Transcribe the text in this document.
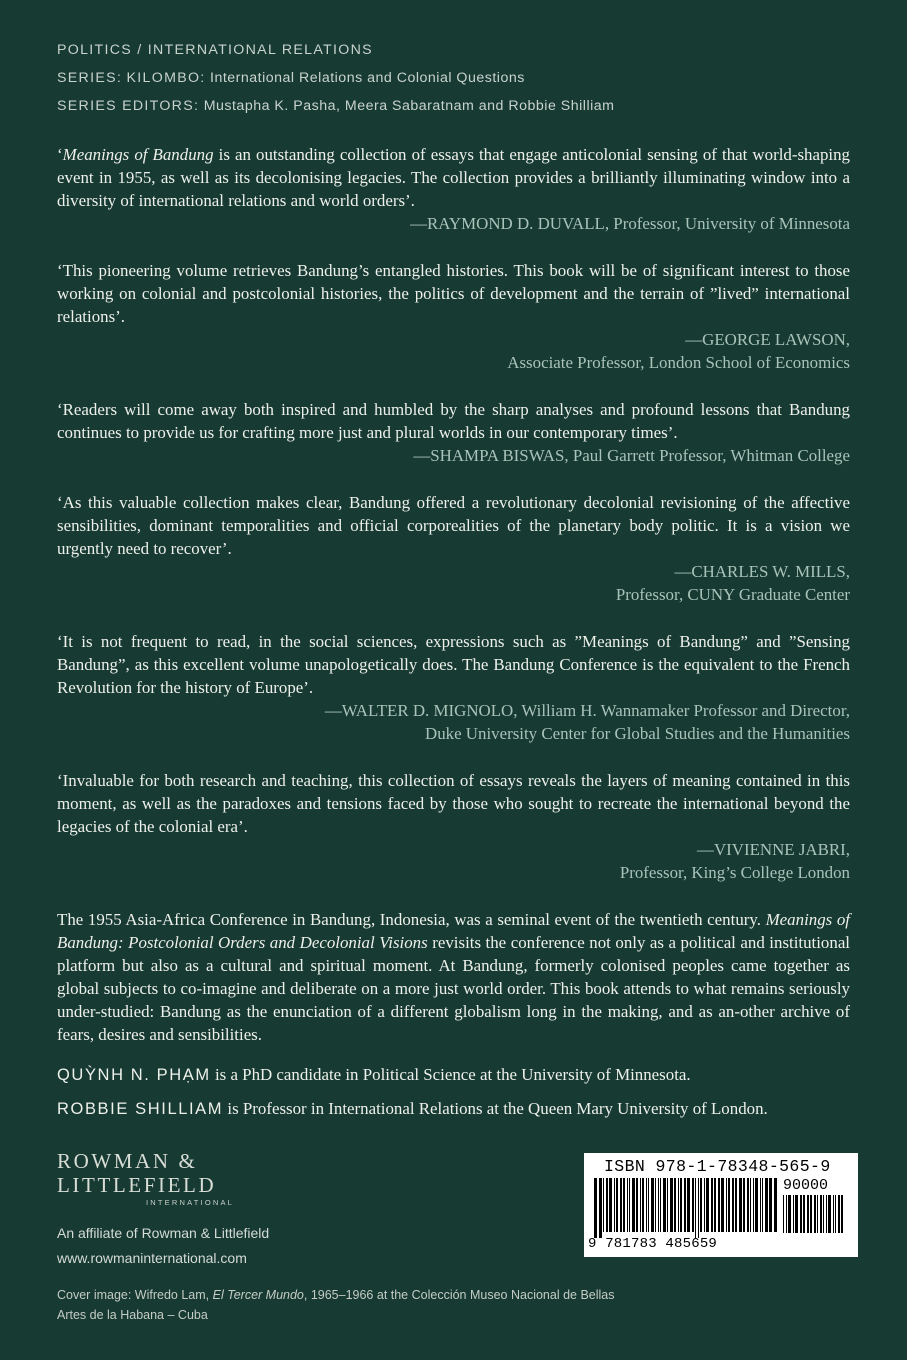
POLITICS / INTERNATIONAL RELATIONS
SERIES: KILOMBO: International Relations and Colonial Questions
SERIES EDITORS: Mustapha K. Pasha, Meera Sabaratnam and Robbie Shilliam

‘Meanings of Bandung is an outstanding collection of essays that engage anticolonial sensing of that world-shaping event in 1955, as well as its decolonising legacies. The collection provides a brilliantly illuminating window into a diversity of international relations and world orders’.

—RAYMOND D. DUVALL, Professor, University of Minnesota

‘This pioneering volume retrieves Bandung’s entangled histories. This book will be of significant interest to those working on colonial and postcolonial histories, the politics of development and the terrain of ”lived” international relations’.

—GEORGE LAWSON,
Associate Professor, London School of Economics

‘Readers will come away both inspired and humbled by the sharp analyses and profound lessons that Bandung continues to provide us for crafting more just and plural worlds in our contemporary times’.

—SHAMPA BISWAS, Paul Garrett Professor, Whitman College

‘As this valuable collection makes clear, Bandung offered a revolutionary decolonial revisioning of the affective sensibilities, dominant temporalities and official corporealities of the planetary body politic. It is a vision we urgently need to recover’.

—CHARLES W. MILLS,
Professor, CUNY Graduate Center

‘It is not frequent to read, in the social sciences, expressions such as ”Meanings of Bandung” and ”Sensing Bandung”, as this excellent volume unapologetically does. The Bandung Conference is the equivalent to the French Revolution for the history of Europe’.

—WALTER D. MIGNOLO, William H. Wannamaker Professor and Director,
Duke University Center for Global Studies and the Humanities

‘Invaluable for both research and teaching, this collection of essays reveals the layers of meaning contained in this moment, as well as the paradoxes and tensions faced by those who sought to recreate the international beyond the legacies of the colonial era’.

—VIVIENNE JABRI,
Professor, King’s College London
The 1955 Asia-Africa Conference in Bandung, Indonesia, was a seminal event of the twentieth century. Meanings of Bandung: Postcolonial Orders and Decolonial Visions revisits the conference not only as a political and institutional platform but also as a cultural and spiritual moment. At Bandung, formerly colonised peoples came together as global subjects to co-imagine and deliberate on a more just world order. This book attends to what remains seriously under-studied: Bandung as the enunciation of a different globalism long in the making, and as an-other archive of fears, desires and sensibilities.
QUỲNH N. PHẠM is a PhD candidate in Political Science at the University of Minnesota.
ROBBIE SHILLIAM is Professor in International Relations at the Queen Mary University of London.
ROWMAN &
LITTLEFIELD
INTERNATIONAL
An affiliate of Rowman & Littlefield
www.rowmaninternational.com
Cover image: Wifredo Lam, El Tercer Mundo, 1965–1966 at the Colección Museo Nacional de Bellas Artes de la Habana – Cuba
ISBN 978-1-78348-565-9
90000
9 781783 485659
